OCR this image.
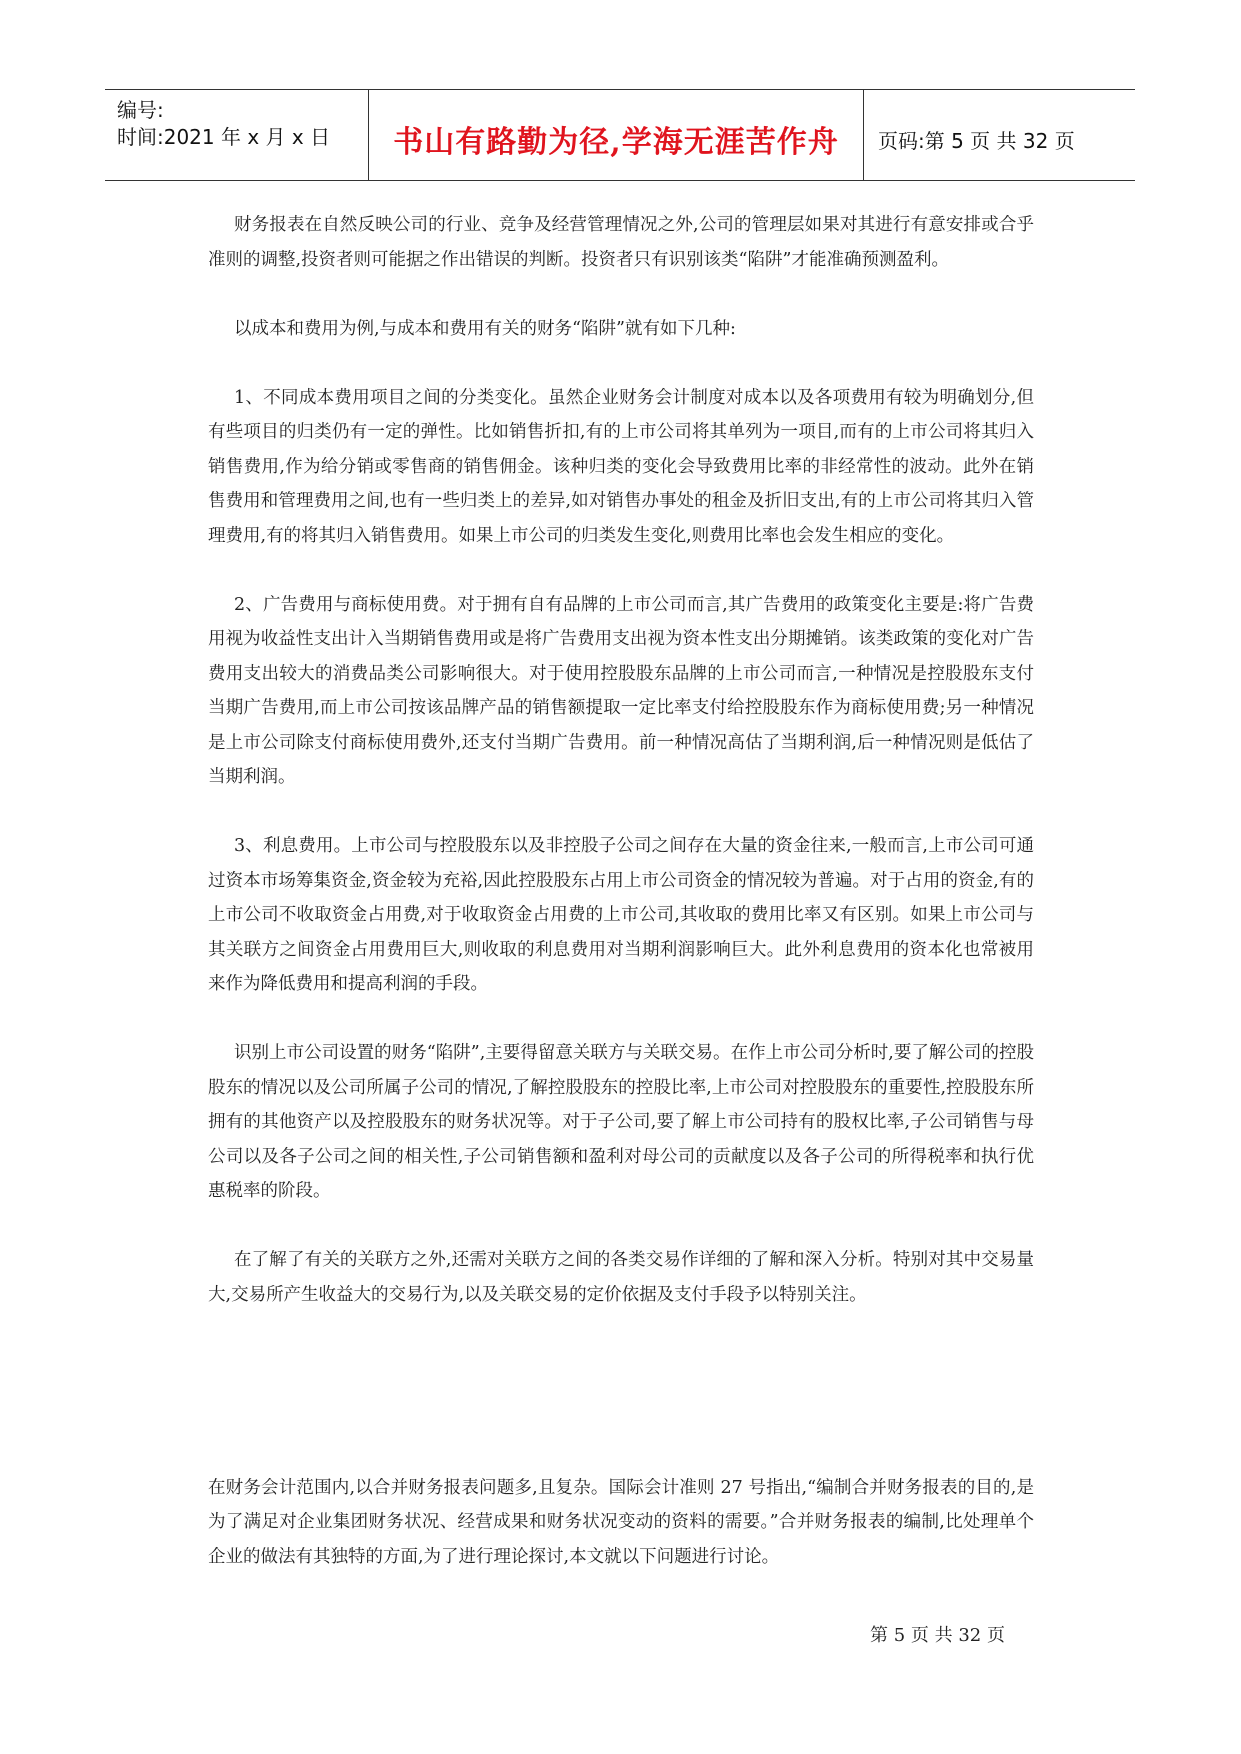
编号:
时间:2021 年 x 月 x 日 书山有路勤为径,学海无涯苦作舟 页码:第 5 页 共 32 页

财务报表在自然反映公司的行业、竞争及经营管理情况之外,公司的管理层如果对其进行有意安排或合乎准则的调整,投资者则可能据之作出错误的判断。投资者只有识别该类“陷阱”才能准确预测盈利。

以成本和费用为例,与成本和费用有关的财务“陷阱”就有如下几种:

1、不同成本费用项目之间的分类变化。虽然企业财务会计制度对成本以及各项费用有较为明确划分,但有些项目的归类仍有一定的弹性。比如销售折扣,有的上市公司将其单列为一项目,而有的上市公司将其归入销售费用,作为给分销或零售商的销售佣金。该种归类的变化会导致费用比率的非经常性的波动。此外在销售费用和管理费用之间,也有一些归类上的差异,如对销售办事处的租金及折旧支出,有的上市公司将其归入管理费用,有的将其归入销售费用。如果上市公司的归类发生变化,则费用比率也会发生相应的变化。

2、广告费用与商标使用费。对于拥有自有品牌的上市公司而言,其广告费用的政策变化主要是:将广告费用视为收益性支出计入当期销售费用或是将广告费用支出视为资本性支出分期摊销。该类政策的变化对广告费用支出较大的消费品类公司影响很大。对于使用控股股东品牌的上市公司而言,一种情况是控股股东支付当期广告费用,而上市公司按该品牌产品的销售额提取一定比率支付给控股股东作为商标使用费;另一种情况是上市公司除支付商标使用费外,还支付当期广告费用。前一种情况高估了当期利润,后一种情况则是低估了当期利润。

3、利息费用。上市公司与控股股东以及非控股子公司之间存在大量的资金往来,一般而言,上市公司可通过资本市场筹集资金,资金较为充裕,因此控股股东占用上市公司资金的情况较为普遍。对于占用的资金,有的上市公司不收取资金占用费,对于收取资金占用费的上市公司,其收取的费用比率又有区别。如果上市公司与其关联方之间资金占用费用巨大,则收取的利息费用对当期利润影响巨大。此外利息费用的资本化也常被用来作为降低费用和提高利润的手段。

识别上市公司设置的财务“陷阱”,主要得留意关联方与关联交易。在作上市公司分析时,要了解公司的控股股东的情况以及公司所属子公司的情况,了解控股股东的控股比率,上市公司对控股股东的重要性,控股股东所拥有的其他资产以及控股股东的财务状况等。对于子公司,要了解上市公司持有的股权比率,子公司销售与母公司以及各子公司之间的相关性,子公司销售额和盈利对母公司的贡献度以及各子公司的所得税率和执行优惠税率的阶段。

在了解了有关的关联方之外,还需对关联方之间的各类交易作详细的了解和深入分析。特别对其中交易量大,交易所产生收益大的交易行为,以及关联交易的定价依据及支付手段予以特别关注。

在财务会计范围内,以合并财务报表问题多,且复杂。国际会计准则 27 号指出,“编制合并财务报表的目的,是为了满足对企业集团财务状况、经营成果和财务状况变动的资料的需要。”合并财务报表的编制,比处理单个企业的做法有其独特的方面,为了进行理论探讨,本文就以下问题进行讨论。

第 5 页 共 32 页
